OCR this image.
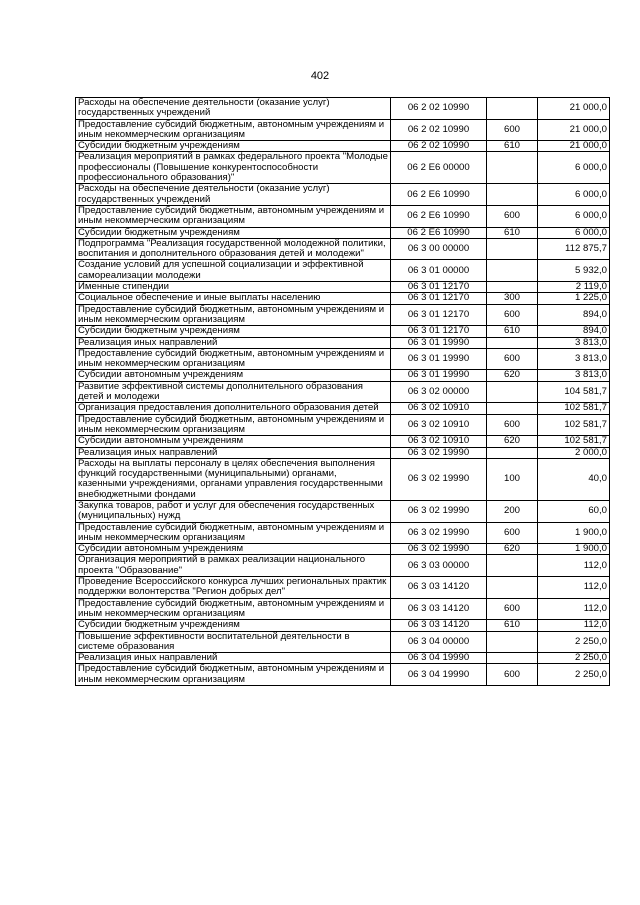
402
Расходы на обеспечение деятельности (оказание услуг) государственных учреждений	06 2 02 10990		21 000,0
Предоставление субсидий бюджетным, автономным учреждениям и иным некоммерческим организациям	06 2 02 10990	600	21 000,0
Субсидии бюджетным учреждениям	06 2 02 10990	610	21 000,0
Реализация мероприятий в рамках федерального проекта "Молодые профессионалы (Повышение конкурентоспособности профессионального образования)"	06 2 E6 00000		6 000,0
Расходы на обеспечение деятельности (оказание услуг) государственных учреждений	06 2 E6 10990		6 000,0
Предоставление субсидий бюджетным, автономным учреждениям и иным некоммерческим организациям	06 2 E6 10990	600	6 000,0
Субсидии бюджетным учреждениям	06 2 E6 10990	610	6 000,0
Подпрограмма "Реализация государственной молодежной политики, воспитания и дополнительного образования детей и молодежи"	06 3 00 00000		112 875,7
Создание условий для успешной социализации и эффективной самореализации молодежи	06 3 01 00000		5 932,0
Именные стипендии	06 3 01 12170		2 119,0
Социальное обеспечение и иные выплаты населению	06 3 01 12170	300	1 225,0
Предоставление субсидий бюджетным, автономным учреждениям и иным некоммерческим организациям	06 3 01 12170	600	894,0
Субсидии бюджетным учреждениям	06 3 01 12170	610	894,0
Реализация иных направлений	06 3 01 19990		3 813,0
Предоставление субсидий бюджетным, автономным учреждениям и иным некоммерческим организациям	06 3 01 19990	600	3 813,0
Субсидии автономным учреждениям	06 3 01 19990	620	3 813,0
Развитие эффективной системы дополнительного образования детей и молодежи	06 3 02 00000		104 581,7
Организация предоставления дополнительного образования детей	06 3 02 10910		102 581,7
Предоставление субсидий бюджетным, автономным учреждениям и иным некоммерческим организациям	06 3 02 10910	600	102 581,7
Субсидии автономным учреждениям	06 3 02 10910	620	102 581,7
Реализация иных направлений	06 3 02 19990		2 000,0
Расходы на выплаты персоналу в целях обеспечения выполнения функций государственными (муниципальными) органами, казенными учреждениями, органами управления государственными внебюджетными фондами	06 3 02 19990	100	40,0
Закупка товаров, работ и услуг для обеспечения государственных (муниципальных) нужд	06 3 02 19990	200	60,0
Предоставление субсидий бюджетным, автономным учреждениям и иным некоммерческим организациям	06 3 02 19990	600	1 900,0
Субсидии автономным учреждениям	06 3 02 19990	620	1 900,0
Организация мероприятий в рамках реализации национального проекта "Образование"	06 3 03 00000		112,0
Проведение Всероссийского конкурса лучших региональных практик поддержки волонтерства "Регион добрых дел"	06 3 03 14120		112,0
Предоставление субсидий бюджетным, автономным учреждениям и иным некоммерческим организациям	06 3 03 14120	600	112,0
Субсидии бюджетным учреждениям	06 3 03 14120	610	112,0
Повышение эффективности воспитательной деятельности в системе образования	06 3 04 00000		2 250,0
Реализация иных направлений	06 3 04 19990		2 250,0
Предоставление субсидий бюджетным, автономным учреждениям и иным некоммерческим организациям	06 3 04 19990	600	2 250,0
